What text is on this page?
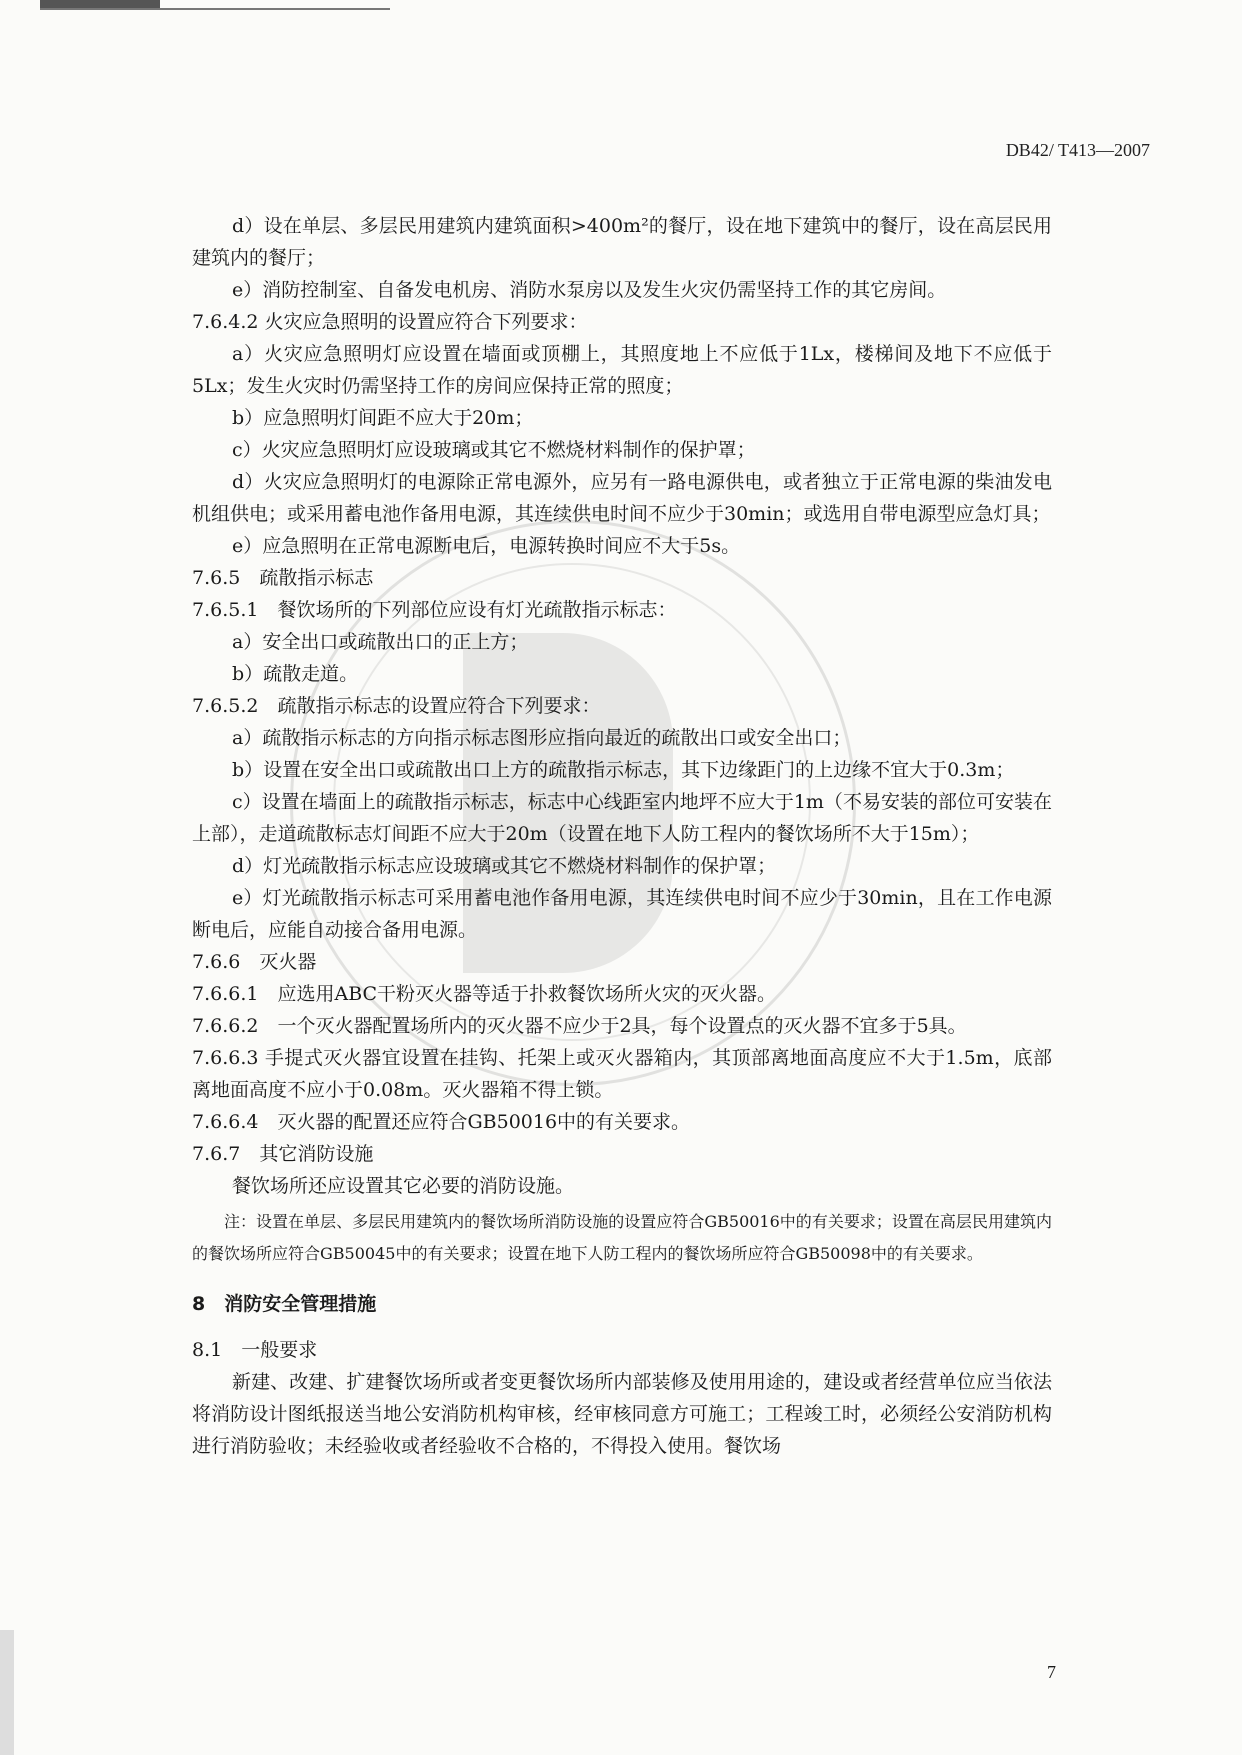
DB42/ T413—2007

d）设在单层、多层民用建筑内建筑面积>400m²的餐厅，设在地下建筑中的餐厅，设在高层民用建筑内的餐厅；

e）消防控制室、自备发电机房、消防水泵房以及发生火灾仍需坚持工作的其它房间。

7.6.4.2 火灾应急照明的设置应符合下列要求：

a）火灾应急照明灯应设置在墙面或顶棚上，其照度地上不应低于1Lx，楼梯间及地下不应低于5Lx；发生火灾时仍需坚持工作的房间应保持正常的照度；

b）应急照明灯间距不应大于20m；

c）火灾应急照明灯应设玻璃或其它不燃烧材料制作的保护罩；

d）火灾应急照明灯的电源除正常电源外，应另有一路电源供电，或者独立于正常电源的柴油发电机组供电；或采用蓄电池作备用电源，其连续供电时间不应少于30min；或选用自带电源型应急灯具；

e）应急照明在正常电源断电后，电源转换时间应不大于5s。

7.6.5　疏散指示标志

7.6.5.1　餐饮场所的下列部位应设有灯光疏散指示标志：

a）安全出口或疏散出口的正上方；

b）疏散走道。

7.6.5.2　疏散指示标志的设置应符合下列要求：

a）疏散指示标志的方向指示标志图形应指向最近的疏散出口或安全出口；

b）设置在安全出口或疏散出口上方的疏散指示标志，其下边缘距门的上边缘不宜大于0.3m；

c）设置在墙面上的疏散指示标志，标志中心线距室内地坪不应大于1m（不易安装的部位可安装在上部），走道疏散标志灯间距不应大于20m（设置在地下人防工程内的餐饮场所不大于15m）；

d）灯光疏散指示标志应设玻璃或其它不燃烧材料制作的保护罩；

e）灯光疏散指示标志可采用蓄电池作备用电源，其连续供电时间不应少于30min，且在工作电源断电后，应能自动接合备用电源。

7.6.6　灭火器

7.6.6.1　应选用ABC干粉灭火器等适于扑救餐饮场所火灾的灭火器。

7.6.6.2　一个灭火器配置场所内的灭火器不应少于2具，每个设置点的灭火器不宜多于5具。

7.6.6.3 手提式灭火器宜设置在挂钩、托架上或灭火器箱内，其顶部离地面高度应不大于1.5m，底部离地面高度不应小于0.08m。灭火器箱不得上锁。

7.6.6.4　灭火器的配置还应符合GB50016中的有关要求。

7.6.7　其它消防设施

餐饮场所还应设置其它必要的消防设施。

注：设置在单层、多层民用建筑内的餐饮场所消防设施的设置应符合GB50016中的有关要求；设置在高层民用建筑内的餐饮场所应符合GB50045中的有关要求；设置在地下人防工程内的餐饮场所应符合GB50098中的有关要求。

8　消防安全管理措施

8.1　一般要求

新建、改建、扩建餐饮场所或者变更餐饮场所内部装修及使用用途的，建设或者经营单位应当依法将消防设计图纸报送当地公安消防机构审核，经审核同意方可施工；工程竣工时，必须经公安消防机构进行消防验收；未经验收或者经验收不合格的，不得投入使用。餐饮场

7
